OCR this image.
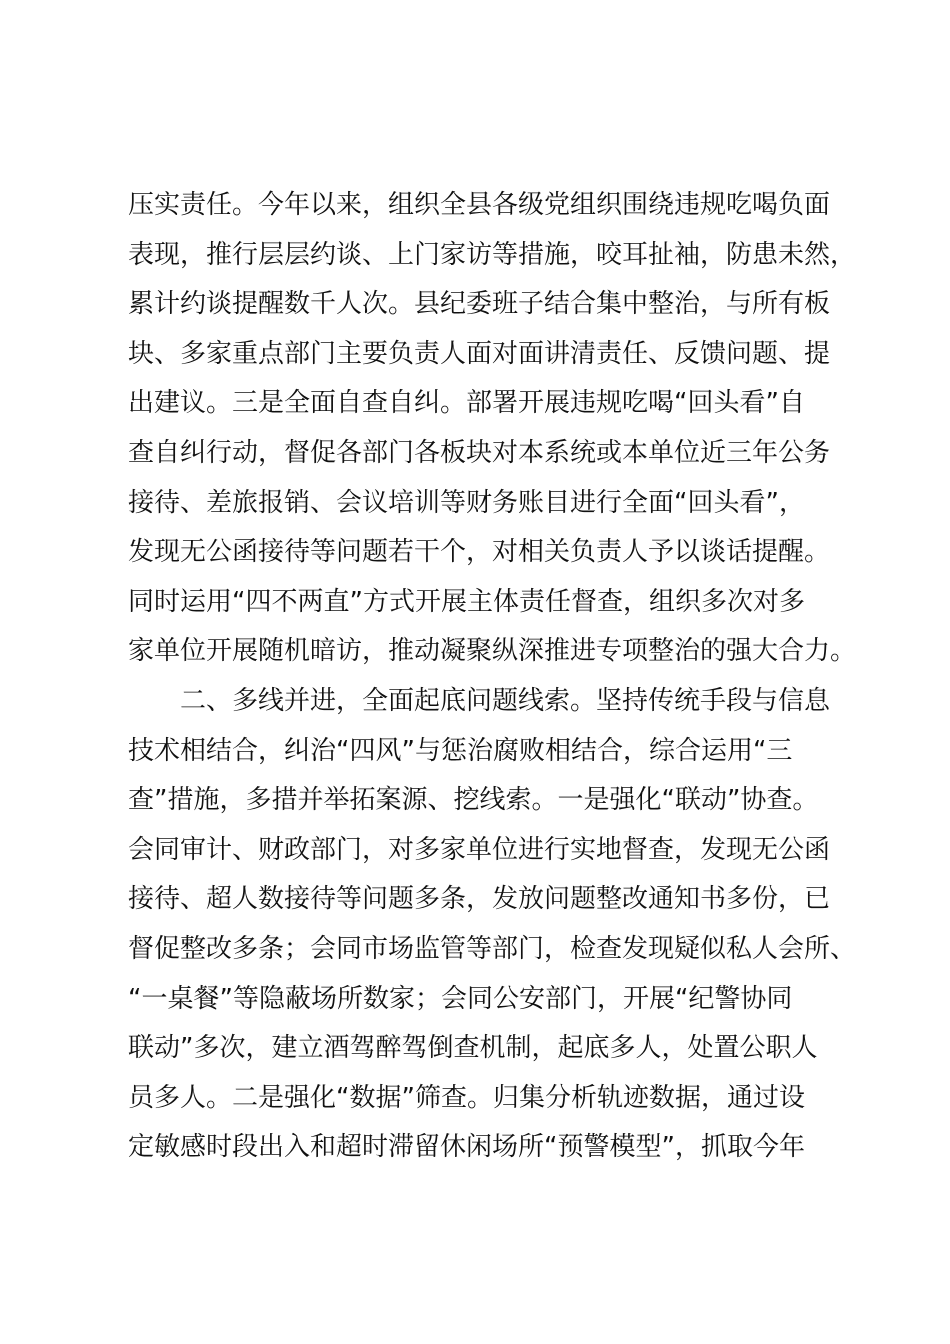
压实责任。今年以来，组织全县各级党组织围绕违规吃喝负面
表现，推行层层约谈、上门家访等措施，咬耳扯袖，防患未然，
累计约谈提醒数千人次。县纪委班子结合集中整治，与所有板
块、多家重点部门主要负责人面对面讲清责任、反馈问题、提
出建议。三是全面自查自纠。部署开展违规吃喝“回头看”自
查自纠行动，督促各部门各板块对本系统或本单位近三年公务
接待、差旅报销、会议培训等财务账目进行全面“回头看”，
发现无公函接待等问题若干个，对相关负责人予以谈话提醒。
同时运用“四不两直”方式开展主体责任督查，组织多次对多
家单位开展随机暗访，推动凝聚纵深推进专项整治的强大合力。
　　二、多线并进，全面起底问题线索。坚持传统手段与信息
技术相结合，纠治“四风”与惩治腐败相结合，综合运用“三
查”措施，多措并举拓案源、挖线索。一是强化“联动”协查。
会同审计、财政部门，对多家单位进行实地督查，发现无公函
接待、超人数接待等问题多条，发放问题整改通知书多份，已
督促整改多条；会同市场监管等部门，检查发现疑似私人会所、
“一桌餐”等隐蔽场所数家；会同公安部门，开展“纪警协同
联动”多次，建立酒驾醉驾倒查机制，起底多人，处置公职人
员多人。二是强化“数据”筛查。归集分析轨迹数据，通过设
定敏感时段出入和超时滞留休闲场所“预警模型”，抓取今年
